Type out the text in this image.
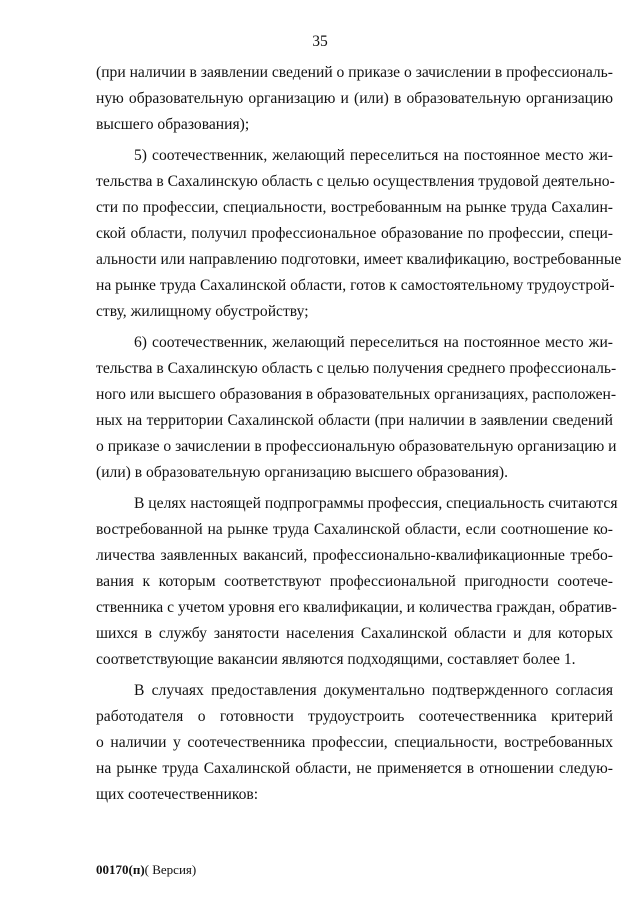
35
(при наличии в заявлении сведений о приказе о зачислении в профессиональ-
ную образовательную организацию и (или) в образовательную организацию
высшего образования);
5) соотечественник, желающий переселиться на постоянное место жи-
тельства в Сахалинскую область с целью осуществления трудовой деятельно-
сти по профессии, специальности, востребованным на рынке труда Сахалин-
ской области, получил профессиональное образование по профессии, специ-
альности или направлению подготовки, имеет квалификацию, востребованные
на рынке труда Сахалинской области, готов к самостоятельному трудоустрой-
ству, жилищному обустройству;
6) соотечественник, желающий переселиться на постоянное место жи-
тельства в Сахалинскую область с целью получения среднего профессиональ-
ного или высшего образования в образовательных организациях, расположен-
ных на территории Сахалинской области (при наличии в заявлении сведений
о приказе о зачислении в профессиональную образовательную организацию и
(или) в образовательную организацию высшего образования).
В целях настоящей подпрограммы профессия, специальность считаются
востребованной на рынке труда Сахалинской области, если соотношение ко-
личества заявленных вакансий, профессионально-квалификационные требо-
вания к которым соответствуют профессиональной пригодности соотече-
ственника с учетом уровня его квалификации, и количества граждан, обратив-
шихся в службу занятости населения Сахалинской области и для которых
соответствующие вакансии являются подходящими, составляет более 1.
В случаях предоставления документально подтвержденного согласия
работодателя о готовности трудоустроить соотечественника критерий
о наличии у соотечественника профессии, специальности, востребованных
на рынке труда Сахалинской области, не применяется в отношении следую-
щих соотечественников:
00170(п)( Версия)
